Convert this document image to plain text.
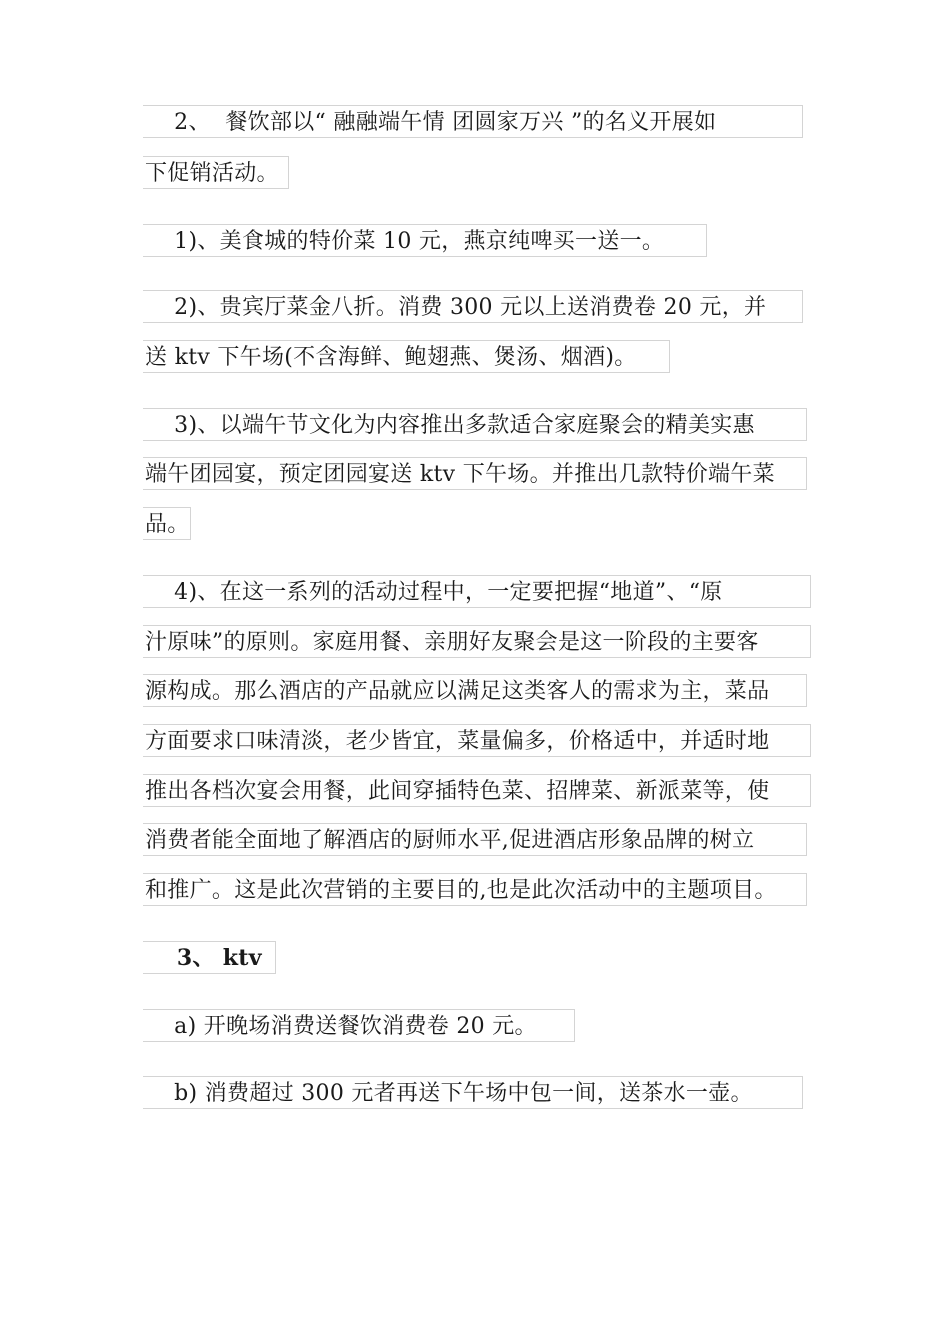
2、  餐饮部以“ 融融端午情 团圆家万兴 ”的名义开展如
下促销活动。
1)、美食城的特价菜 10 元，燕京纯啤买一送一。
2)、贵宾厅菜金八折。消费 300 元以上送消费卷 20 元，并
送 ktv 下午场(不含海鲜、鲍翅燕、煲汤、烟酒)。
3)、以端午节文化为内容推出多款适合家庭聚会的精美实惠
端午团园宴，预定团园宴送 ktv 下午场。并推出几款特价端午菜
品。
4)、在这一系列的活动过程中，一定要把握“地道”、“原
汁原味”的原则。家庭用餐、亲朋好友聚会是这一阶段的主要客
源构成。那么酒店的产品就应以满足这类客人的需求为主，菜品
方面要求口味清淡，老少皆宜，菜量偏多，价格适中，并适时地
推出各档次宴会用餐，此间穿插特色菜、招牌菜、新派菜等，使
消费者能全面地了解酒店的厨师水平,促进酒店形象品牌的树立
和推广。这是此次营销的主要目的,也是此次活动中的主题项目。
3、 ktv
a) 开晚场消费送餐饮消费卷 20 元。
b) 消费超过 300 元者再送下午场中包一间，送茶水一壶。
